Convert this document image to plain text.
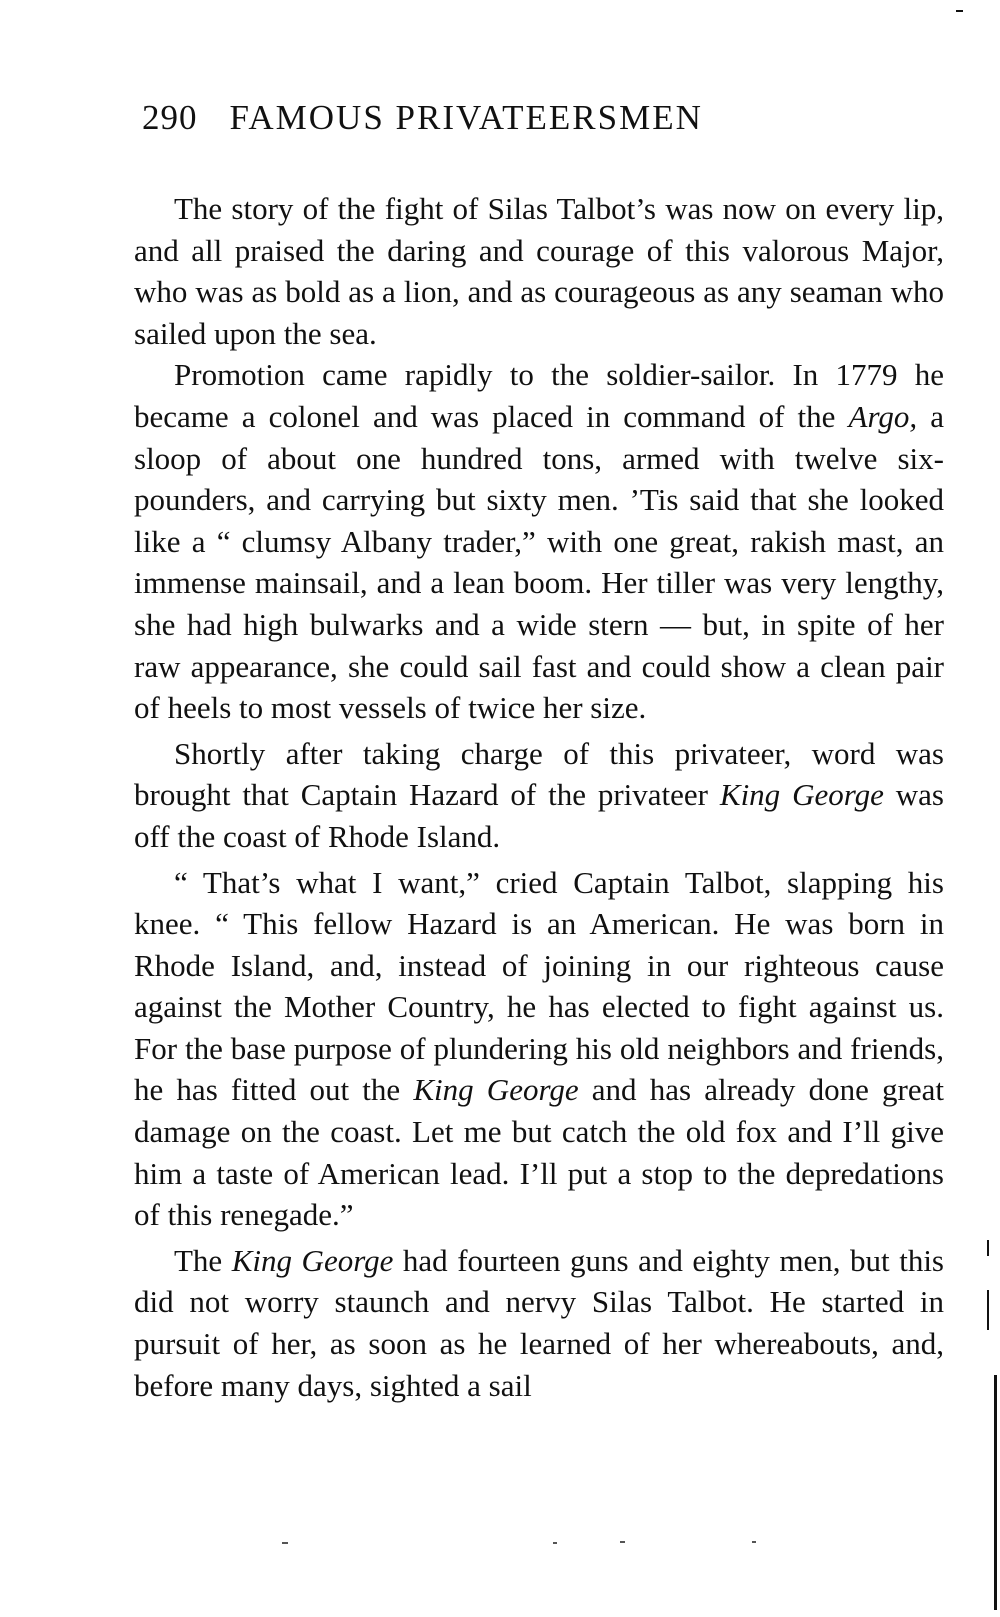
290 FAMOUS PRIVATEERSMEN

The story of the fight of Silas Talbot’s was now on every lip, and all praised the daring and courage of this valorous Major, who was as bold as a lion, and as courageous as any seaman who sailed upon the sea.

Promotion came rapidly to the soldier-sailor. In 1779 he became a colonel and was placed in command of the Argo, a sloop of about one hundred tons, armed with twelve six-pounders, and carrying but sixty men. ’Tis said that she looked like a “ clumsy Albany trader,” with one great, rakish mast, an immense mainsail, and a lean boom. Her tiller was very lengthy, she had high bulwarks and a wide stern — but, in spite of her raw appearance, she could sail fast and could show a clean pair of heels to most vessels of twice her size.

Shortly after taking charge of this privateer, word was brought that Captain Hazard of the privateer King George was off the coast of Rhode Island.

“ That’s what I want,” cried Captain Talbot, slapping his knee. “ This fellow Hazard is an American. He was born in Rhode Island, and, instead of joining in our righteous cause against the Mother Country, he has elected to fight against us. For the base purpose of plundering his old neighbors and friends, he has fitted out the King George and has already done great damage on the coast. Let me but catch the old fox and I’ll give him a taste of American lead. I’ll put a stop to the depredations of this renegade.”

The King George had fourteen guns and eighty men, but this did not worry staunch and nervy Silas Talbot. He started in pursuit of her, as soon as he learned of her whereabouts, and, before many days, sighted a sail
